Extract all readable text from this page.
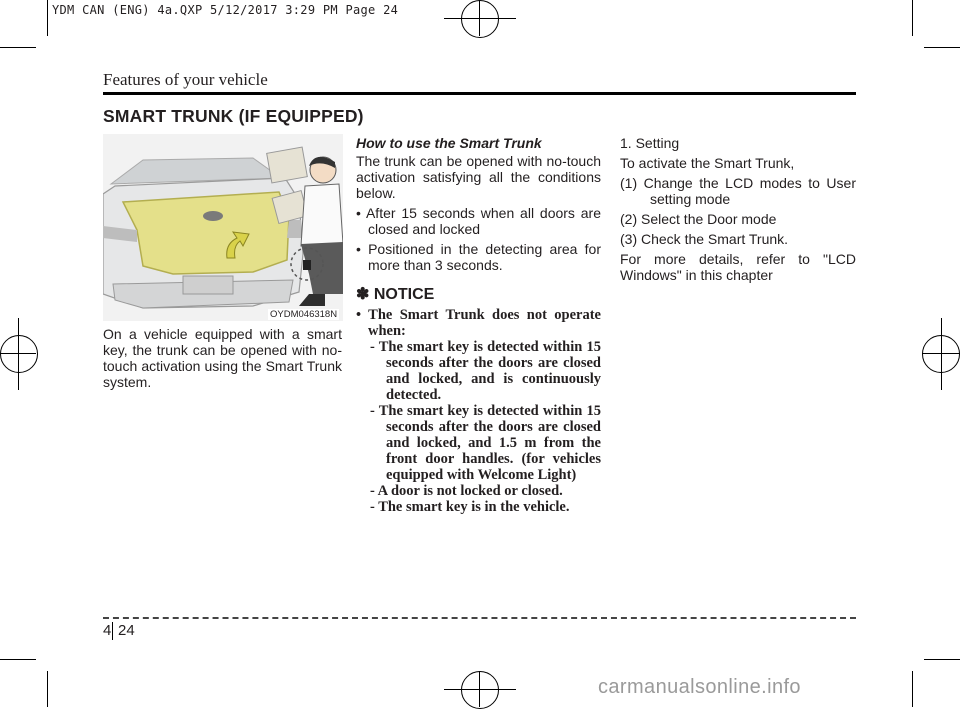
YDM CAN (ENG) 4a.QXP 5/12/2017 3:29 PM Page 24
Features of your vehicle
SMART TRUNK (IF EQUIPPED)
OYDM046318N
On a vehicle equipped with a smart key, the trunk can be opened with no-touch activation using the Smart Trunk system.
How to use the Smart Trunk

The trunk can be opened with no-touch activation satisfying all the conditions below.

• After 15 seconds when all doors are closed and locked

• Positioned in the detecting area for more than 3 seconds.

✽ NOTICE
• The Smart Trunk does not operate when:
- The smart key is detected within 15 seconds after the doors are closed and locked, and is continuously detected.
- The smart key is detected within 15 seconds after the doors are closed and locked, and 1.5 m from the front door handles. (for vehicles equipped with Welcome Light)
- A door is not locked or closed.
- The smart key is in the vehicle.

1. Setting

To activate the Smart Trunk,

(1) Change the LCD modes to User setting mode

(2) Select the Door mode

(3) Check the Smart Trunk.

For more details, refer to "LCD Windows" in this chapter

4 24
carmanualsonline.info
